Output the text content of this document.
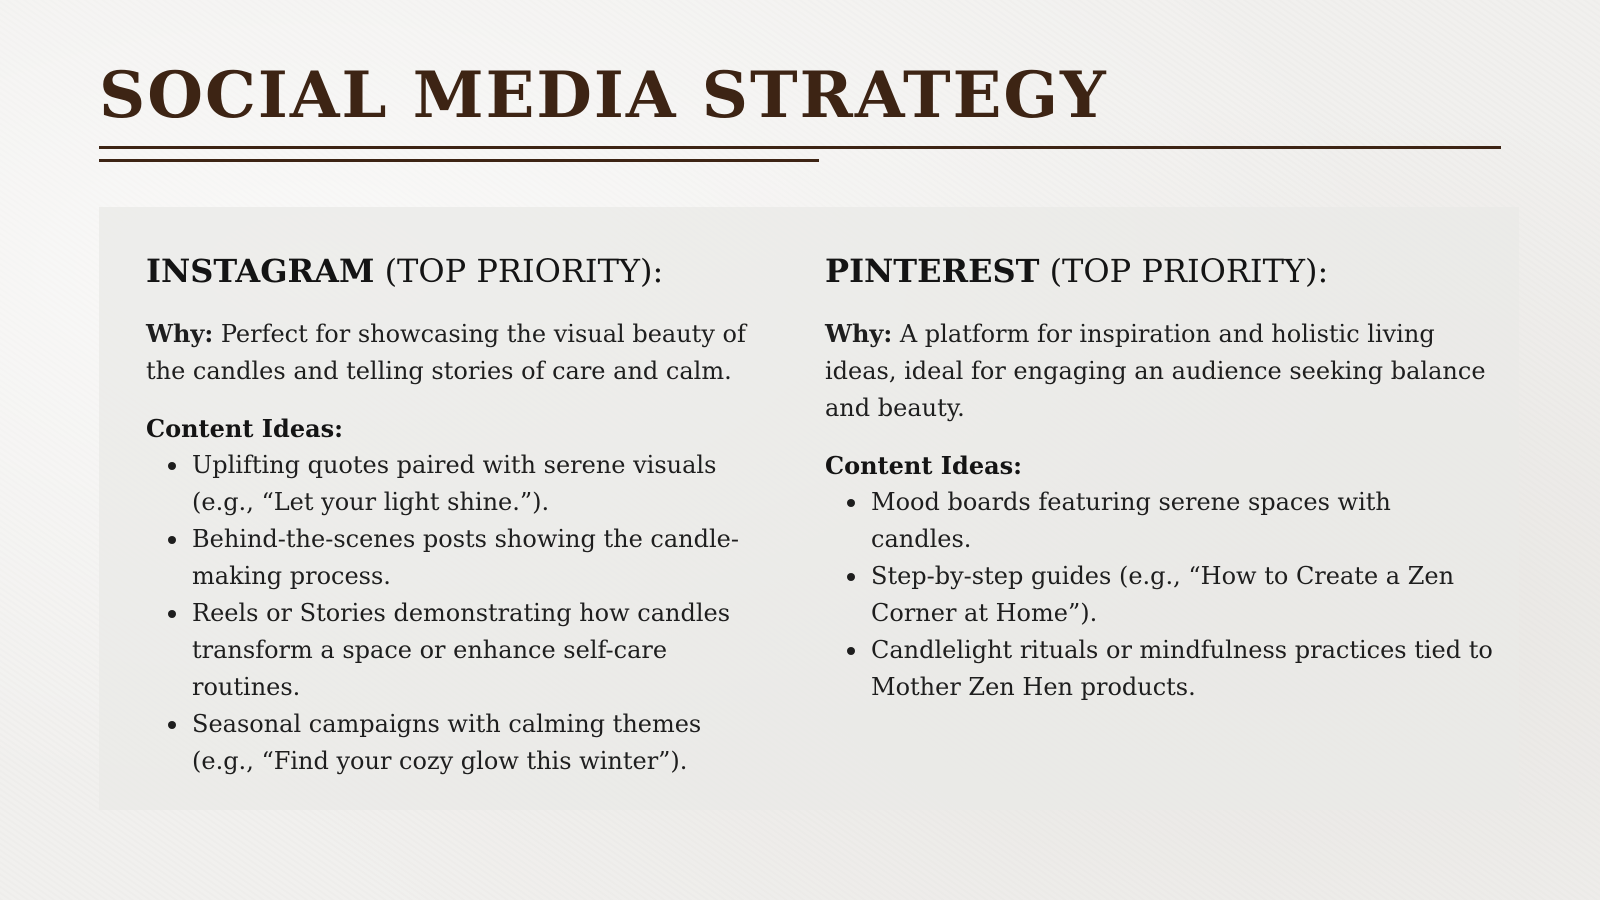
SOCIAL MEDIA STRATEGY
INSTAGRAM (TOP PRIORITY):

Why: Perfect for showcasing the visual beauty of the candles and telling stories of care and calm.

Content Ideas:

Uplifting quotes paired with serene visuals (e.g., “Let your light shine.”).
Behind-the-scenes posts showing the candle-making process.
Reels or Stories demonstrating how candles transform a space or enhance self-care routines.
Seasonal campaigns with calming themes (e.g., “Find your cozy glow this winter”).
PINTEREST (TOP PRIORITY):

Why: A platform for inspiration and holistic living ideas, ideal for engaging an audience seeking balance and beauty.

Content Ideas:

Mood boards featuring serene spaces with candles.
Step-by-step guides (e.g., “How to Create a Zen Corner at Home”).
Candlelight rituals or mindfulness practices tied to Mother Zen Hen products.
